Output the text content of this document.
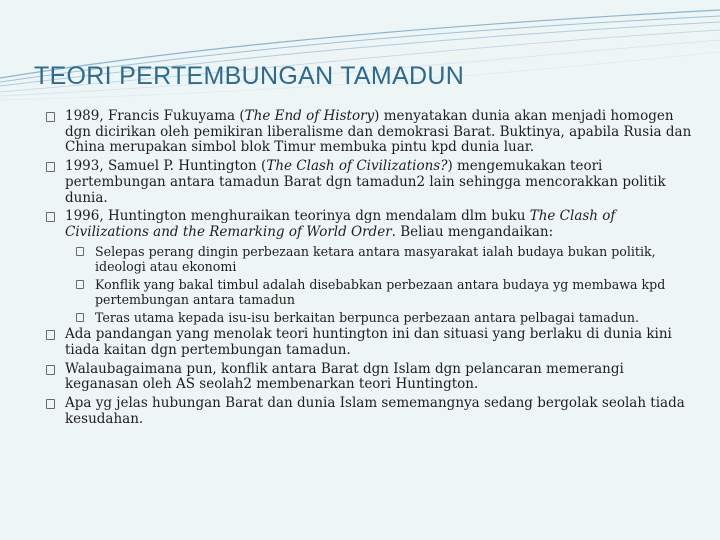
TEORI PERTEMBUNGAN TAMADUN
1989, Francis Fukuyama (The End of History) menyatakan dunia akan menjadi homogen dgn dicirikan oleh pemikiran liberalisme dan demokrasi Barat. Buktinya, apabila Rusia dan China merupakan simbol blok Timur membuka pintu kpd dunia luar.
1993, Samuel P. Huntington (The Clash of Civilizations?) mengemukakan teori pertembungan antara tamadun Barat dgn tamadun2 lain sehingga mencorakkan politik dunia.
1996, Huntington menghuraikan teorinya dgn mendalam dlm buku The Clash of Civilizations and the Remarking of World Order. Beliau mengandaikan:
Selepas perang dingin perbezaan ketara antara masyarakat ialah budaya bukan politik, ideologi atau ekonomi
Konflik yang bakal timbul adalah disebabkan perbezaan antara budaya yg membawa kpd pertembungan antara tamadun
Teras utama kepada isu-isu berkaitan berpunca perbezaan antara pelbagai tamadun.
Ada pandangan yang menolak teori huntington ini dan situasi yang berlaku di dunia kini tiada kaitan dgn pertembungan tamadun.
Walaubagaimana pun, konflik antara Barat dgn Islam dgn pelancaran memerangi keganasan oleh AS seolah2 membenarkan teori Huntington.
Apa yg jelas hubungan Barat dan dunia Islam sememangnya sedang bergolak seolah tiada kesudahan.
